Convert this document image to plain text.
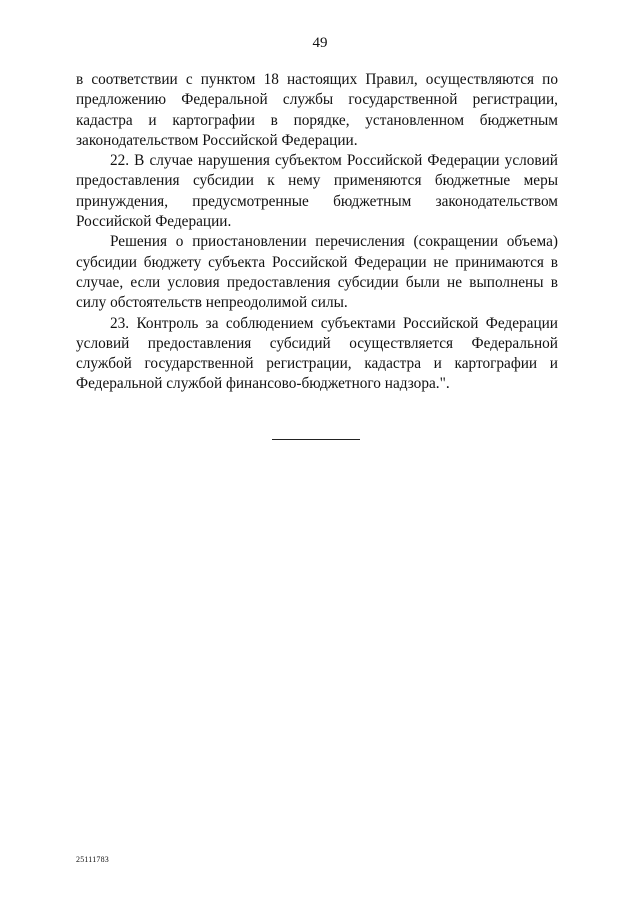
49

в соответствии с пунктом 18 настоящих Правил, осуществляются по предложению Федеральной службы государственной регистрации, кадастра и картографии в порядке, установленном бюджетным законодательством Российской Федерации.

22. В случае нарушения субъектом Российской Федерации условий предоставления субсидии к нему применяются бюджетные меры принуждения, предусмотренные бюджетным законодательством Российской Федерации.

Решения о приостановлении перечисления (сокращении объема) субсидии бюджету субъекта Российской Федерации не принимаются в случае, если условия предоставления субсидии были не выполнены в силу обстоятельств непреодолимой силы.

23. Контроль за соблюдением субъектами Российской Федерации условий предоставления субсидий осуществляется Федеральной службой государственной регистрации, кадастра и картографии и Федеральной службой финансово-бюджетного надзора.".

25111783
